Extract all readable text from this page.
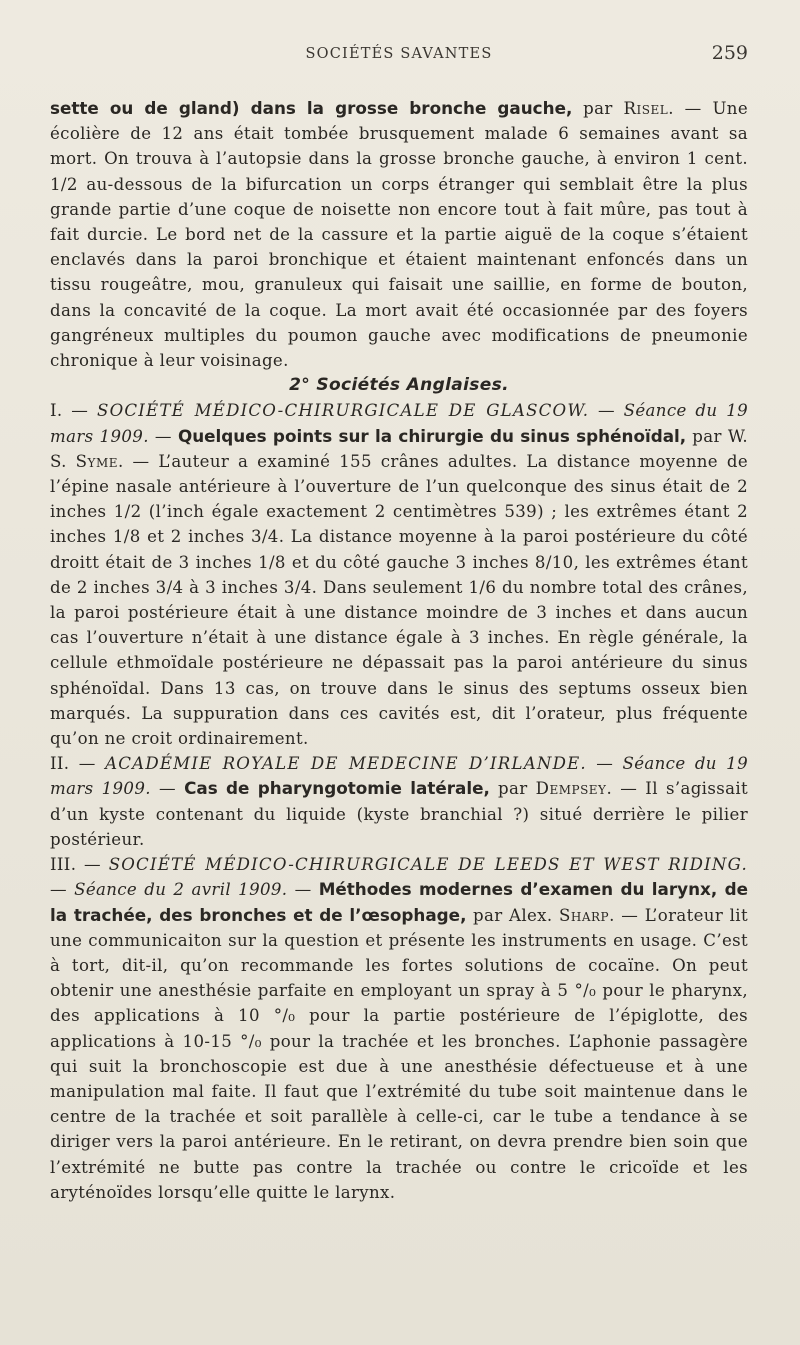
SOCIÉTÉS SAVANTES	259

sette ou de gland) dans la grosse bronche gauche, par Risel. — Une écolière de 12 ans était tombée brusquement malade 6 semaines avant sa mort. On trouva à l’autopsie dans la grosse bronche gauche, à environ 1 cent. 1/2 au-dessous de la bifurcation un corps étranger qui semblait être la plus grande partie d’une coque de noisette non encore tout à fait mûre, pas tout à fait durcie. Le bord net de la cassure et la partie aiguë de la coque s’étaient enclavés dans la paroi bronchique et étaient maintenant enfoncés dans un tissu rougeâtre, mou, granuleux qui faisait une saillie, en forme de bouton, dans la concavité de la coque. La mort avait été occasionnée par des foyers gangréneux multiples du poumon gauche avec modifications de pneumonie chronique à leur voisinage.

2° Sociétés Anglaises.

I. — SOCIÉTÉ MÉDICO-CHIRURGICALE DE GLASCOW. — Séance du 19 mars 1909. — Quelques points sur la chirurgie du sinus sphénoïdal, par W. S. Syme. — L’auteur a examiné 155 crânes adultes. La distance moyenne de l’épine nasale antérieure à l’ouverture de l’un quelconque des sinus était de 2 inches 1/2 (l’inch égale exactement 2 centimètres 539) ; les extrêmes étant 2 inches 1/8 et 2 inches 3/4. La distance moyenne à la paroi postérieure du côté droitt était de 3 inches 1/8 et du côté gauche 3 inches 8/10, les extrêmes étant de 2 inches 3/4 à 3 inches 3/4. Dans seulement 1/6 du nombre total des crânes, la paroi postérieure était à une distance moindre de 3 inches et dans aucun cas l’ouverture n’était à une distance égale à 3 inches. En règle générale, la cellule ethmoïdale postérieure ne dépassait pas la paroi antérieure du sinus sphénoïdal. Dans 13 cas, on trouve dans le sinus des septums osseux bien marqués. La suppuration dans ces cavités est, dit l’orateur, plus fréquente qu’on ne croit ordinairement.

II. — ACADÉMIE ROYALE DE MEDECINE D’IRLANDE. — Séance du 19 mars 1909. — Cas de pharyngotomie latérale, par Dempsey. — Il s’agissait d’un kyste contenant du liquide (kyste branchial ?) situé derrière le pilier postérieur.

III. — SOCIÉTÉ MÉDICO-CHIRURGICALE DE LEEDS ET WEST RIDING. — Séance du 2 avril 1909. — Méthodes modernes d’examen du larynx, de la trachée, des bronches et de l’œsophage, par Alex. Sharp. — L’orateur lit une communicaiton sur la question et présente les instruments en usage. C’est à tort, dit-il, qu’on recommande les fortes solutions de cocaïne. On peut obtenir une anesthésie parfaite en employant un spray à 5 °/₀ pour le pharynx, des applications à 10 °/₀ pour la partie postérieure de l’épiglotte, des applications à 10-15 °/₀ pour la trachée et les bronches. L’aphonie passagère qui suit la bronchoscopie est due à une anesthésie défectueuse et à une manipulation mal faite. Il faut que l’extrémité du tube soit maintenue dans le centre de la trachée et soit parallèle à celle-ci, car le tube a tendance à se diriger vers la paroi antérieure. En le retirant, on devra prendre bien soin que l’extrémité ne butte pas contre la trachée ou contre le cricoïde et les aryténoïdes lorsqu’elle quitte le larynx.
